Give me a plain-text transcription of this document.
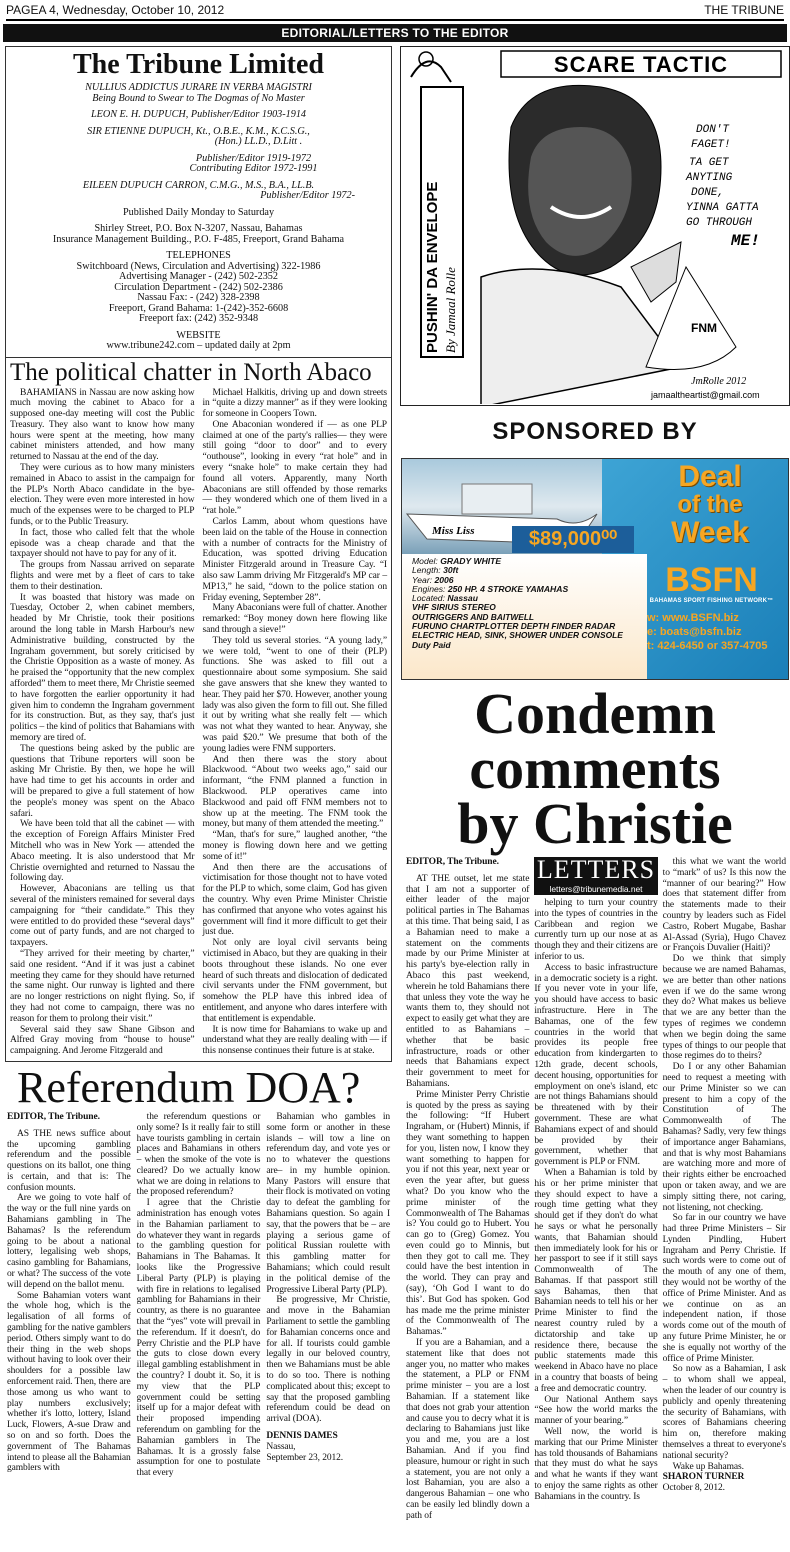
PAGEA 4, Wednesday, October 10, 2012	THE TRIBUNE
EDITORIAL/LETTERS TO THE EDITOR
The Tribune Limited
NULLIUS ADDICTUS JURARE IN VERBA MAGISTRI
Being Bound to Swear to The Dogmas of No Master
LEON E. H. DUPUCH, Publisher/Editor 1903-1914
SIR ETIENNE DUPUCH, Kt., O.B.E., K.M., K.C.S.G.,
(Hon.) LL.D., D.Litt .
Publisher/Editor 1919-1972
Contributing Editor 1972-1991
EILEEN DUPUCH CARRON, C.M.G., M.S., B.A., LL.B.
Publisher/Editor 1972-
Published Daily Monday to Saturday
Shirley Street, P.O. Box N-3207, Nassau, Bahamas
Insurance Management Building., P.O. F-485, Freeport, Grand Bahama
TELEPHONES
Switchboard (News, Circulation and Advertising) 322-1986
Advertising Manager - (242) 502-2352
Circulation Department - (242) 502-2386
Nassau Fax: - (242) 328-2398
Freeport, Grand Bahama: 1-(242)-352-6608
Freeport fax: (242) 352-9348
WEBSITE
www.tribune242.com – updated daily at 2pm
The political chatter in North Abaco

BAHAMIANS in Nassau are now asking how much moving the cabinet to Abaco for a supposed one-day meeting will cost the Public Treasury. They also want to know how many hours were spent at the meeting, how many cabinet ministers attended, and how many returned to Nassau at the end of the day.

They were curious as to how many ministers remained in Abaco to assist in the campaign for the PLP's North Abaco candidate in the bye-election. They were even more interested in how much of the expenses were to be charged to PLP funds, or to the Public Treasury.

In fact, those who called felt that the whole episode was a cheap charade and that the taxpayer should not have to pay for any of it.

The groups from Nassau arrived on separate flights and were met by a fleet of cars to take them to their destination.

It was boasted that history was made on Tuesday, October 2, when cabinet members, headed by Mr Christie, took their positions around the long table in Marsh Harbour's new Administrative building, constructed by the Ingraham government, but sorely criticised by the Christie Opposition as a waste of money. As he praised the “opportunity that the new complex afforded” them to meet there, Mr Christie seemed to have forgotten the earlier opportunity it had given him to condemn the Ingraham government for its construction. But, as they say, that's just politics – the kind of politics that Bahamians with memory are tired of.

The questions being asked by the public are questions that Tribune reporters will soon be asking Mr Christie. By then, we hope he will have had time to get his accounts in order and will be prepared to give a full statement of how the people's money was spent on the Abaco safari.

We have been told that all the cabinet — with the exception of Foreign Affairs Minister Fred Mitchell who was in New York — attended the Abaco meeting. It is also understood that Mr Christie overnighted and returned to Nassau the following day.

However, Abaconians are telling us that several of the ministers remained for several days campaigning for “their candidate.” This they were entitled to do provided these “several days” come out of party funds, and are not charged to taxpayers.

“They arrived for their meeting by charter,” said one resident. “And if it was just a cabinet meeting they came for they should have returned the same night. Our runway is lighted and there are no longer restrictions on night flying. So, if they had not come to campaign, there was no reason for them to prolong their visit.”

Several said they saw Shane Gibson and Alfred Gray moving from “house to house” campaigning. And Jerome Fitzgerald and

Michael Halkitis, driving up and down streets in “quite a dizzy manner” as if they were looking for someone in Coopers Town.

One Abaconian wondered if — as one PLP claimed at one of the party's rallies— they were still going “door to door” and to every “outhouse”, looking in every “rat hole” and in every “snake hole” to make certain they had found all voters. Apparently, many North Abaconians are still offended by those remarks — they wondered which one of them lived in a “rat hole.”

Carlos Lamm, about whom questions have been laid on the table of the House in connection with a number of contracts for the Ministry of Education, was spotted driving Education Minister Fitzgerald around in Treasure Cay. “I also saw Lamm driving Mr Fitzgerald's MP car – MP13,” he said, “down to the police station on Friday evening, September 28”.

Many Abaconians were full of chatter. Another remarked: “Boy money down here flowing like sand through a sieve!”

They told us several stories. “A young lady,” we were told, “went to one of their (PLP) functions. She was asked to fill out a questionnaire about some symposium. She said she gave answers that she knew they wanted to hear. They paid her $70. However, another young lady was also given the form to fill out. She filled it out by writing what she really felt — which was not what they wanted to hear. Anyway, she was paid $20.” We presume that both of the young ladies were FNM supporters.

And then there was the story about Blackwood. “About two weeks ago,” said our informant, “the FNM planned a function in Blackwood. PLP operatives came into Blackwood and paid off FNM members not to show up at the meeting. The FNM took the money, but many of them attended the meeting.”

“Man, that's for sure,” laughed another, “the money is flowing down here and we getting some of it!”

And then there are the accusations of victimisation for those thought not to have voted for the PLP to which, some claim, God has given the country. Why even Prime Minister Christie has confirmed that anyone who votes against his government will find it more difficult to get their just due.

Not only are loyal civil servants being victimised in Abaco, but they are quaking in their boots throughout these islands. No one ever heard of such threats and dislocation of dedicated civil servants under the FNM government, but somehow the PLP have this inbred idea of entitlement, and anyone who dares interfere with that entitlement is expendable.

It is now time for Bahamians to wake up and understand what they are really dealing with — if this nonsense continues their future is at stake.

Referendum DOA?

EDITOR, The Tribune.

AS THE news suffice about the upcoming gambling referendum and the possible questions on its ballot, one thing is certain, and that is: The confusion mounts.

Are we going to vote half of the way or the full nine yards on Bahamians gambling in The Bahamas? Is the referendum going to be about a national lottery, legalising web shops, casino gambling for Bahamians, or what? The success of the vote will depend on the ballot menu.

Some Bahamian voters want the whole hog, which is the legalisation of all forms of gambling for the native gamblers period. Others simply want to do their thing in the web shops without having to look over their shoulders for a possible law enforcement raid. Then, there are those among us who want to play numbers exclusively; whether it's lotto, lottery, Island Luck, Flowers, A-sue Draw and so on and so forth. Does the government of The Bahamas intend to please all the Bahamian gamblers with

the referendum questions or only some? Is it really fair to still have tourists gambling in certain places and Bahamians in others – when the smoke of the vote is cleared? Do we actually know what we are doing in relations to the proposed referendum?

I agree that the Christie administration has enough votes in the Bahamian parliament to do whatever they want in regards to the gambling question for Bahamians in The Bahamas. It looks like the Progressive Liberal Party (PLP) is playing with fire in relations to legalised gambling for Bahamians in their country, as there is no guarantee that the “yes” vote will prevail in the referendum. If it doesn't, do Perry Christie and the PLP have the guts to close down every illegal gambling establishment in the country? I doubt it. So, it is my view that the PLP government could be setting itself up for a major defeat with their proposed impending referendum on gambling for the Bahamian gamblers in The Bahamas. It is a grossly false assumption for one to postulate that every

Bahamian who gambles in some form or another in these islands – will tow a line on referendum day, and vote yes or no to whatever the questions are– in my humble opinion. Many Pastors will ensure that their flock is motivated on voting day to defeat the gambling for Bahamians question. So again I say, that the powers that be – are playing a serious game of political Russian roulette with this gambling matter for Bahamians; which could result in the political demise of the Progressive Liberal Party (PLP).

Be progressive, Mr Christie, and move in the Bahamian Parliament to settle the gambling for Bahamian concerns once and for all. If tourists could gamble legally in our beloved country, then we Bahamians must be able to do so too. There is nothing complicated about this; except to say that the proposed gambling referendum could be dead on arrival (DOA).

DENNIS DAMES

Nassau,

September 23, 2012.

PUSHIN' DA ENVELOPE By Jamaal Rolle
SCARE TACTIC
FNM
DON'T
FAGET!
TA GET
ANYTING
DONE,
YINNA GATTA
GO THROUGH
ME!
JmRolle 2012
jamaaltheartist@gmail.com
SPONSORED BY
Miss Liss	$89,000⁰⁰
Deal
of the
Week
Model: GRADY WHITE
Length: 30ft
Year: 2006
Engines: 250 HP. 4 STROKE YAMAHAS
Located: Nassau
VHF SIRIUS STEREO
OUTRIGGERS AND BAITWELL
FURUNO CHARTPLOTTER DEPTH FINDER RADAR
ELECTRIC HEAD, SINK, SHOWER UNDER CONSOLE
Duty Paid
BSFN
BAHAMAS SPORT FISHING NETWORK™
w: www.BSFN.biz
e: boats@bsfn.biz
t: 424-6450 or 357-4705
Condemn
comments
by Christie

EDITOR, The Tribune.

AT THE outset, let me state that I am not a supporter of either leader of the major political parties in The Bahamas at this time. That being said, I as a Bahamian need to make a statement on the comments made by our Prime Minister at his party's bye-election rally in Abaco this past weekend, wherein he told Bahamians there that unless they vote the way he wants them to, they should not expect to easily get what they are entitled to as Bahamians – whether that be basic infrastructure, roads or other needs that Bahamians expect their government to meet for Bahamians.

Prime Minister Perry Christie is quoted by the press as saying the following: “If Hubert Ingraham, or (Hubert) Minnis, if they want something to happen for you, listen now, I know they want something to happen for you if not this year, next year or even the year after, but guess what? Do you know who the prime minister of the Commonwealth of The Bahamas is? You could go to Hubert. You can go to (Greg) Gomez. You even could go to Minnis, but then they got to call me. They could have the best intention in the world. They can pray and (say), ‘Oh God I want to do this’. But God has spoken. God has made me the prime minister of the Commonwealth of The Bahamas.”

If you are a Bahamian, and a statement like that does not anger you, no matter who makes the statement, a PLP or FNM prime minister – you are a lost Bahamian. If a statement like that does not grab your attention and cause you to decry what it is declaring to Bahamians just like you and me, you are a lost Bahamian. And if you find pleasure, humour or right in such a statement, you are not only a lost Bahamian, you are also a dangerous Bahamian – one who can be easily led blindly down a path of

LETTERS
letters@tribunemedia.net

helping to turn your country into the types of countries in the Caribbean and region we currently turn up our nose at as though they and their citizens are inferior to us.

Access to basic infrastructure in a democratic society is a right. If you never vote in your life, you should have access to basic infrastructure. Here in The Bahamas, one of the few countries in the world that provides its people free education from kindergarten to 12th grade, decent schools, decent housing, opportunities for employment on one's island, etc are not things Bahamians should be threatened with by their government. These are what Bahamians expect of and should be provided by their government, whether that government is PLP or FNM.

When a Bahamian is told by his or her prime minister that they should expect to have a rough time getting what they should get if they don't do what he says or what he personally wants, that Bahamian should then immediately look for his or her passport to see if it still says Commonwealth of The Bahamas. If that passport still says Bahamas, then that Bahamian needs to tell his or her Prime Minister to find the nearest country ruled by a dictatorship and take up residence there, because the public statements made this weekend in Abaco have no place in a country that boasts of being a free and democratic country.

Our National Anthem says “See how the world marks the manner of your bearing.”

Well now, the world is marking that our Prime Minister has told thousands of Bahamians that they must do what he says and what he wants if they want to enjoy the same rights as other Bahamians in the country. Is

this what we want the world to “mark” of us? Is this now the “manner of our bearing?” How does that statement differ from the statements made to their country by leaders such as Fidel Castro, Robert Mugabe, Bashar Al-Assad (Syria), Hugo Chavez or François Duvalier (Haiti)?

Do we think that simply because we are named Bahamas, we are better than other nations even if we do the same wrong they do? What makes us believe that we are any better than the types of regimes we condemn when we begin doing the same types of things to our people that those regimes do to theirs?

Do I or any other Bahamian need to request a meeting with our Prime Minister so we can present to him a copy of the Constitution of The Commonwealth of The Bahamas? Sadly, very few things of importance anger Bahamians, and that is why most Bahamians are watching more and more of their rights either be encroached upon or taken away, and we are simply sitting there, not caring, not listening, not checking.

So far in our country we have had three Prime Ministers – Sir Lynden Pindling, Hubert Ingraham and Perry Christie. If such words were to come out of the mouth of any one of them, they would not be worthy of the office of Prime Minister. And as we continue on as an independent nation, if those words come out of the mouth of any future Prime Minister, he or she is equally not worthy of the office of Prime Minister.

So now as a Bahamian, I ask – to whom shall we appeal, when the leader of our country is publicly and openly threatening the security of Bahamians, with scores of Bahamians cheering him on, therefore making themselves a threat to everyone's national security?

Wake up Bahamas.

SHARON TURNER

October 8, 2012.
